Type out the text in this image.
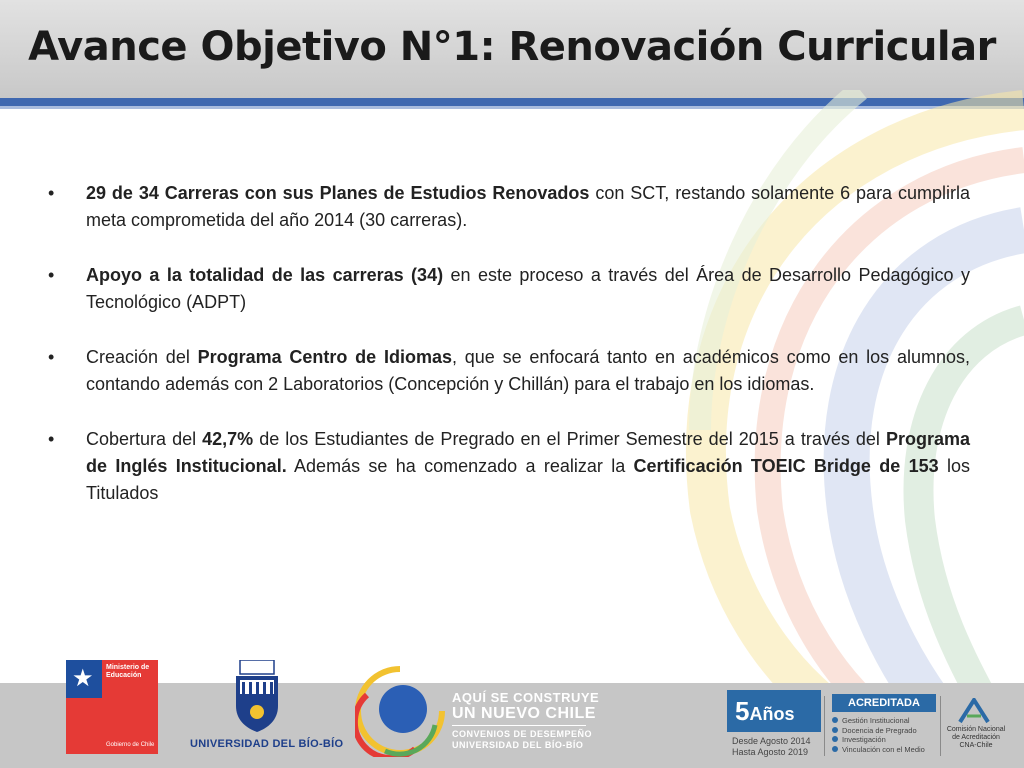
Avance Objetivo N°1: Renovación Curricular
•	29 de 34 Carreras con sus Planes de Estudios Renovados con SCT, restando solamente 6 para cumplirla meta comprometida del año 2014 (30 carreras).
•	Apoyo a la totalidad de las carreras (34) en este proceso a través del Área de Desarrollo Pedagógico y Tecnológico (ADPT)
•	Creación del Programa Centro de Idiomas, que se enfocará tanto en académicos como en los alumnos, contando además con 2 Laboratorios (Concepción y Chillán) para el trabajo en los idiomas.
•	Cobertura del 42,7% de los Estudiantes de Pregrado en el Primer Semestre del 2015 a través del Programa de Inglés Institucional. Además se ha comenzado a realizar la Certificación TOEIC Bridge de 153 los Titulados
★ Ministerio de Educación
Gobierno de Chile	UNIVERSIDAD DEL BÍO-BÍO
AQUÍ SE CONSTRUYE
UN NUEVO CHILE
CONVENIOS DE DESEMPEÑO
UNIVERSIDAD DEL BÍO-BÍO
5Años
Desde Agosto 2014
Hasta Agosto 2019
ACREDITADA
Gestión Institucional
Docencia de Pregrado
Investigación
Vinculación con el Medio
Comisión Nacional
de Acreditación
CNA-Chile
